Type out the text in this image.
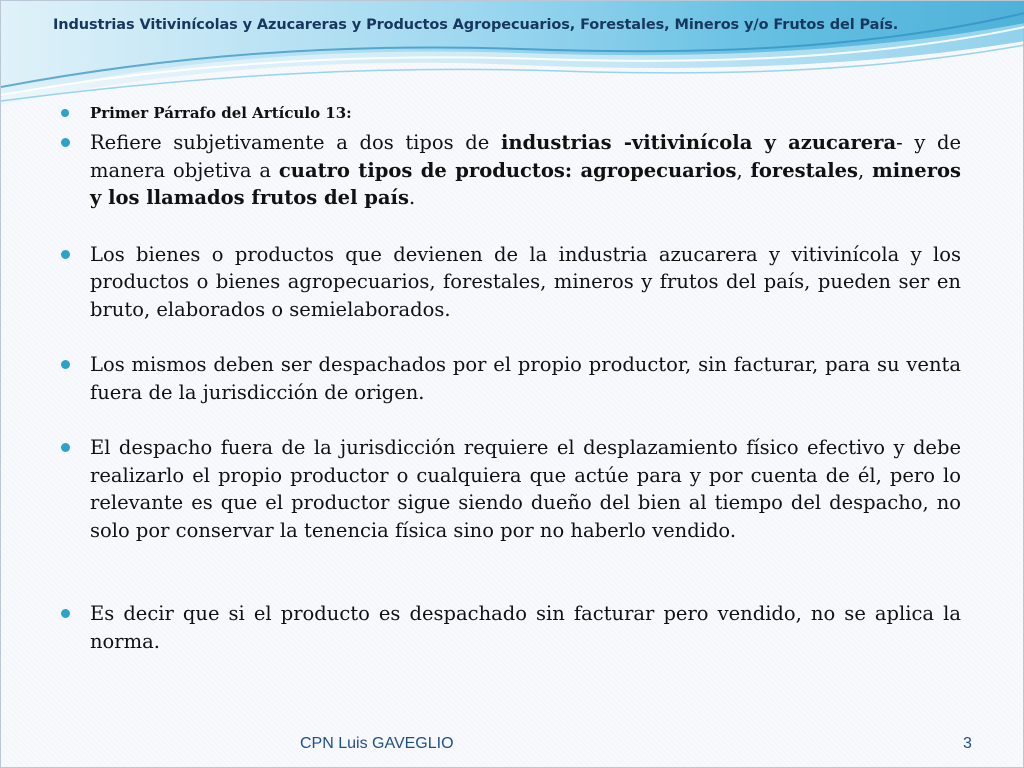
Industrias Vitivinícolas y Azucareras y Productos Agropecuarios, Forestales, Mineros y/o Frutos del País.
Primer Párrafo del Artículo 13:
Refiere subjetivamente a dos tipos de industrias -vitivinícola y azucarera- y de manera objetiva a cuatro tipos de productos: agropecuarios, forestales, mineros y los llamados frutos del país.
Los bienes o productos que devienen de la industria azucarera y vitivinícola y los productos o bienes agropecuarios, forestales, mineros y frutos del país, pueden ser en bruto, elaborados o semielaborados.
Los mismos deben ser despachados por el propio productor, sin facturar, para su venta fuera de la jurisdicción de origen.
El despacho fuera de la jurisdicción requiere el desplazamiento físico efectivo y debe realizarlo el propio productor o cualquiera que actúe para y por cuenta de él, pero lo relevante es que el productor sigue siendo dueño del bien al tiempo del despacho, no solo por conservar la tenencia física sino por no haberlo vendido.
Es decir que si el producto es despachado sin facturar pero vendido, no se aplica la norma.
CPN Luis GAVEGLIO	3
